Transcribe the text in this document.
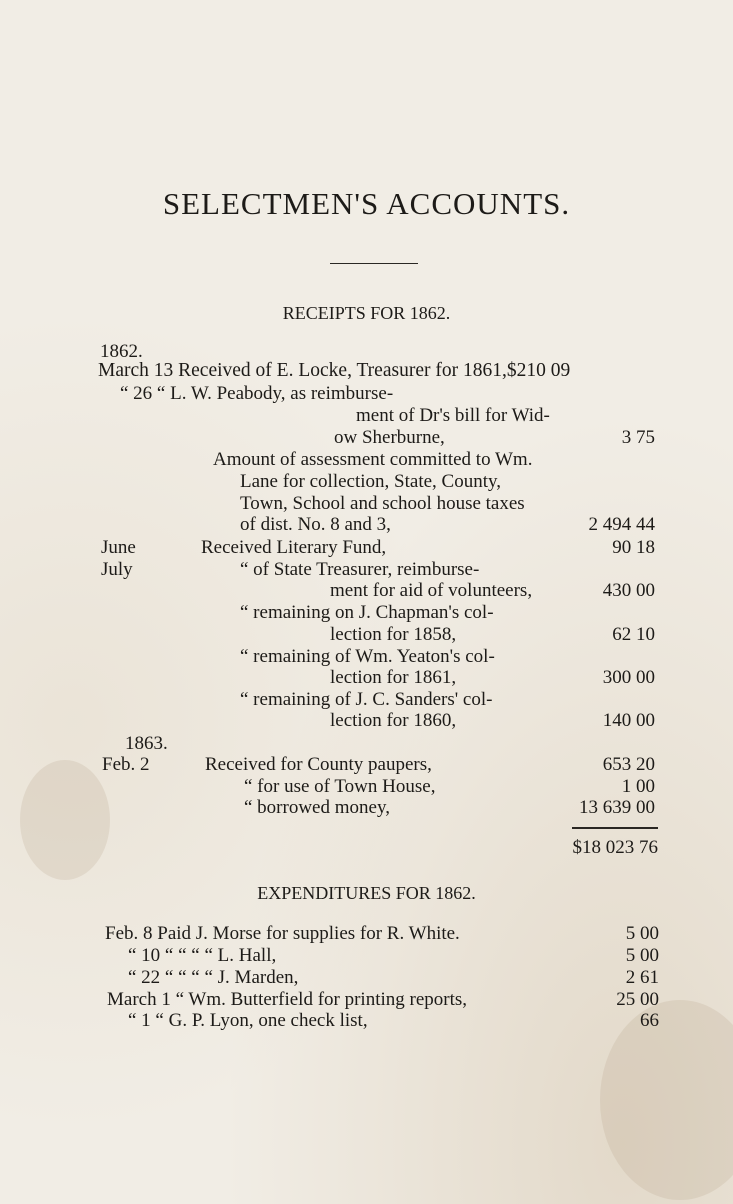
SELECTMEN'S ACCOUNTS.
RECEIPTS FOR 1862.
1862.
March 13 Received of E. Locke, Treasurer for 1861,$210 09
“ 26 “ L. W. Peabody, as reimburse-
ment of Dr's bill for Wid-
ow Sherburne,	3 75
Amount of assessment committed to Wm.
Lane for collection, State, County,
Town, School and school house taxes
of dist. No. 8 and 3,	2 494 44
June	Received Literary Fund,	90 18
July	“ of State Treasurer, reimburse-
ment for aid of volunteers,	430 00
“ remaining on J. Chapman's col-
lection for 1858,	62 10
“ remaining of Wm. Yeaton's col-
lection for 1861,	300 00
“ remaining of J. C. Sanders' col-
lection for 1860,	140 00
1863.
Feb. 2	Received for County paupers,	653 20
“ for use of Town House,	1 00
“ borrowed money,	13 639 00
$18 023 76
EXPENDITURES FOR 1862.
Feb. 8 Paid J. Morse for supplies for R. White.	5 00
“ 10 “ “ “ “ L. Hall,	5 00
“ 22 “ “ “ “ J. Marden,	2 61
March 1 “ Wm. Butterfield for printing reports,	25 00
“ 1 “ G. P. Lyon, one check list,	66
